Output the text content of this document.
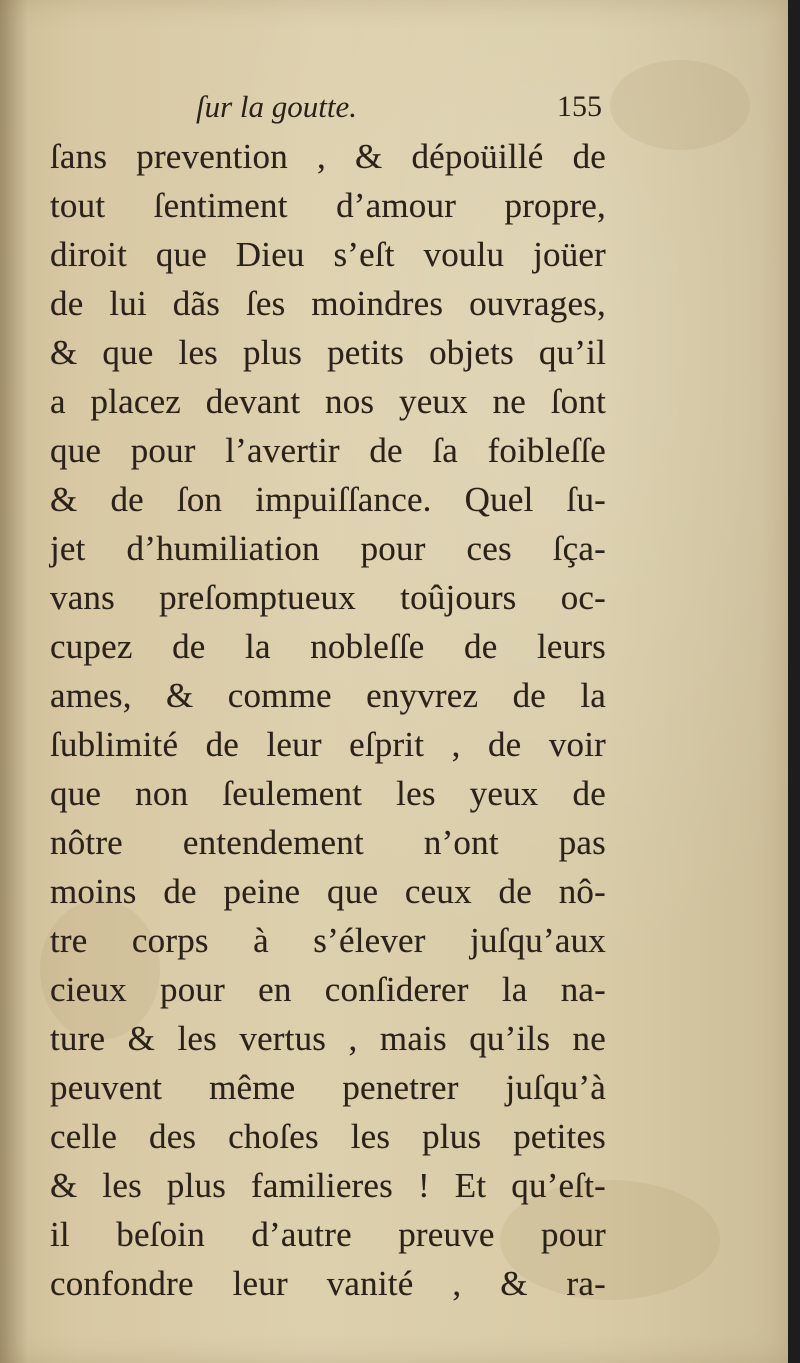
ſur la goutte.	155
ſans prevention , & dépoüillé de
tout ſentiment d’amour propre,
diroit que Dieu s’eſt voulu joüer
de lui dãs ſes moindres ouvrages,
& que les plus petits objets qu’il
a placez devant nos yeux ne ſont
que pour l’avertir de ſa foibleſſe
& de ſon impuiſſance. Quel ſu-
jet d’humiliation pour ces ſça-
vans preſomptueux toûjours oc-
cupez de la nobleſſe de leurs
ames, & comme enyvrez de la
ſublimité de leur eſprit , de voir
que non ſeulement les yeux de
nôtre entendement n’ont pas
moins de peine que ceux de nô-
tre corps à s’élever juſqu’aux
cieux pour en conſiderer la na-
ture & les vertus , mais qu’ils ne
peuvent même penetrer juſqu’à
celle des choſes les plus petites
& les plus familieres ! Et qu’eſt-
il beſoin d’autre preuve pour
confondre leur vanité , & ra-
